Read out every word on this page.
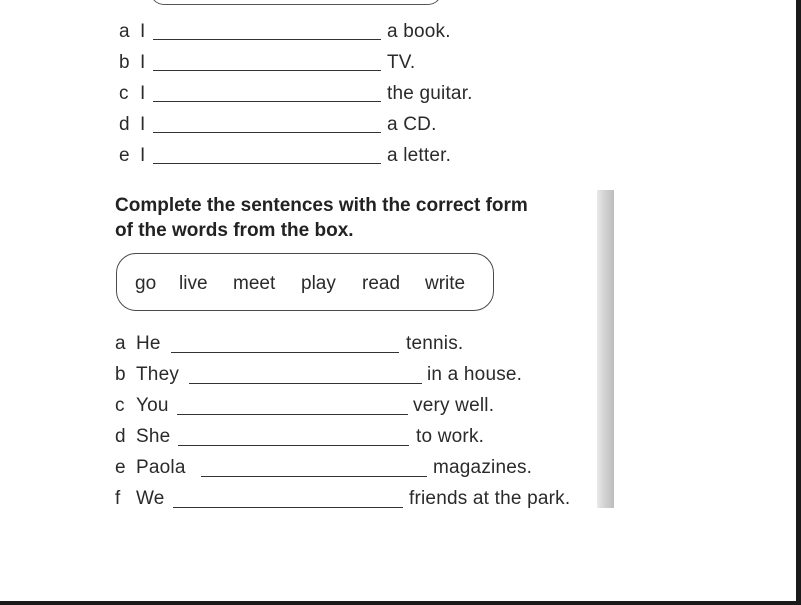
a I	a book.
b I	TV.
c I	the guitar.
d I	a CD.
e I	a letter.
Complete the sentences with the correct form
of the words from the box.
go live meet play read write
a He	tennis.
b They	in a house.
c You	very well.
d She	to work.
e Paola	magazines.
f We	friends at the park.
